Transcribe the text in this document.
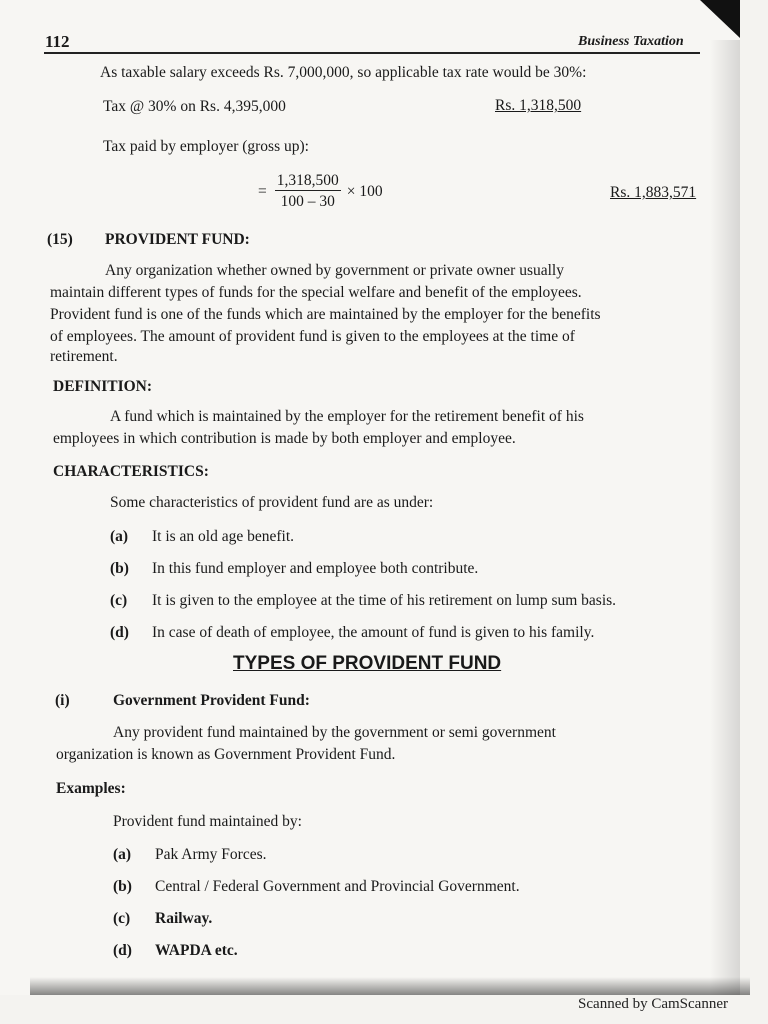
112	Business Taxation
As taxable salary exceeds Rs. 7,000,000, so applicable tax rate would be 30%:
Tax @ 30% on Rs. 4,395,000	Rs. 1,318,500
Tax paid by employer (gross up):
= $\frac{1,318,500}{100 - 30} \times 100$	Rs. 1,883,571
(15) PROVIDENT FUND:
Any organization whether owned by government or private owner usually
maintain different types of funds for the special welfare and benefit of the employees.
Provident fund is one of the funds which are maintained by the employer for the benefits
of employees. The amount of provident fund is given to the employees at the time of
retirement.
DEFINITION:
A fund which is maintained by the employer for the retirement benefit of his
employees in which contribution is made by both employer and employee.
CHARACTERISTICS:
Some characteristics of provident fund are as under:
(a) It is an old age benefit.
(b) In this fund employer and employee both contribute.
(c) It is given to the employee at the time of his retirement on lump sum basis.
(d) In case of death of employee, the amount of fund is given to his family.
TYPES OF PROVIDENT FUND
(i)	Government Provident Fund:
Any provident fund maintained by the government or semi government
organization is known as Government Provident Fund.
Examples:
Provident fund maintained by:
(a) Pak Army Forces.
(b) Central / Federal Government and Provincial Government.
(c) Railway.
(d) WAPDA etc.
Scanned by CamScanner
